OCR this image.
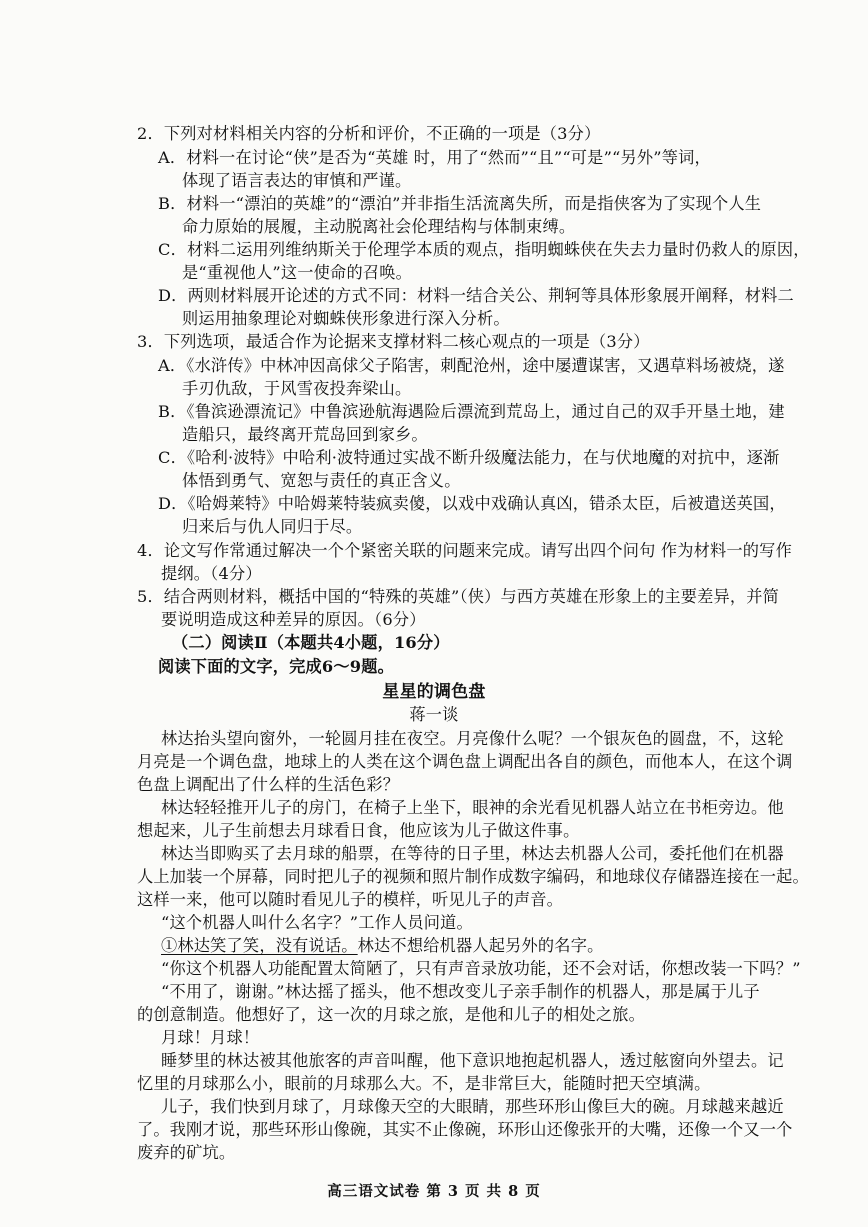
2．下列对材料相关内容的分析和评价，不正确的一项是（3分）
A．材料一在讨论“侠”是否为“英雄 时，用了“然而”“且”“可是”“另外”等词，
体现了语言表达的审慎和严谨。
B．材料一“漂泊的英雄”的“漂泊”并非指生活流离失所，而是指侠客为了实现个人生
命力原始的展履，主动脱离社会伦理结构与体制束缚。
C．材料二运用列维纳斯关于伦理学本质的观点，指明蜘蛛侠在失去力量时仍救人的原因，
是“重视他人”这一使命的召唤。
D．两则材料展开论述的方式不同：材料一结合关公、荆轲等具体形象展开阐释，材料二
则运用抽象理论对蜘蛛侠形象进行深入分析。
3．下列选项，最适合作为论据来支撑材料二核心观点的一项是（3分）
A．《水浒传》中林冲因高俅父子陷害，刺配沧州，途中屡遭谋害，又遇草料场被烧，遂
手刃仇敌，于风雪夜投奔梁山。
B．《鲁滨逊漂流记》中鲁滨逊航海遇险后漂流到荒岛上，通过自己的双手开垦土地，建
造船只，最终离开荒岛回到家乡。
C．《哈利·波特》中哈利·波特通过实战不断升级魔法能力，在与伏地魔的对抗中，逐渐
体悟到勇气、宽恕与责任的真正含义。
D．《哈姆莱特》中哈姆莱特装疯卖傻，以戏中戏确认真凶，错杀太臣，后被遣送英国，
归来后与仇人同归于尽。
4．论文写作常通过解决一个个紧密关联的问题来完成。请写出四个问句 作为材料一的写作
提纲。（4分）
5．结合两则材料，概括中国的“特殊的英雄”（侠）与西方英雄在形象上的主要差异，并简
要说明造成这种差异的原因。（6分）
（二）阅读Ⅱ（本题共4小题，16分）
阅读下面的文字，完成6～9题。
星星的调色盘
蒋一谈
林达抬头望向窗外，一轮圆月挂在夜空。月亮像什么呢？一个银灰色的圆盘，不，这轮
月亮是一个调色盘，地球上的人类在这个调色盘上调配出各自的颜色，而他本人，在这个调
色盘上调配出了什么样的生活色彩？
林达轻轻推开儿子的房门，在椅子上坐下，眼神的余光看见机器人站立在书柜旁边。他
想起来，儿子生前想去月球看日食，他应该为儿子做这件事。
林达当即购买了去月球的船票，在等待的日子里，林达去机器人公司，委托他们在机器
人上加装一个屏幕，同时把儿子的视频和照片制作成数字编码，和地球仪存储器连接在一起。
这样一来，他可以随时看见儿子的模样，听见儿子的声音。
“这个机器人叫什么名字？”工作人员问道。
①林达笑了笑，没有说话。林达不想给机器人起另外的名字。
“你这个机器人功能配置太简陋了，只有声音录放功能，还不会对话，你想改装一下吗？”
“不用了，谢谢。”林达摇了摇头，他不想改变儿子亲手制作的机器人，那是属于儿子
的创意制造。他想好了，这一次的月球之旅，是他和儿子的相处之旅。
月球！月球！
睡梦里的林达被其他旅客的声音叫醒，他下意识地抱起机器人，透过舷窗向外望去。记
忆里的月球那么小，眼前的月球那么大。不，是非常巨大，能随时把天空填满。
儿子，我们快到月球了，月球像天空的大眼睛，那些环形山像巨大的碗。月球越来越近
了。我刚才说，那些环形山像碗，其实不止像碗，环形山还像张开的大嘴，还像一个又一个
废弃的矿坑。
高三语文试卷 第 3 页 共 8 页
